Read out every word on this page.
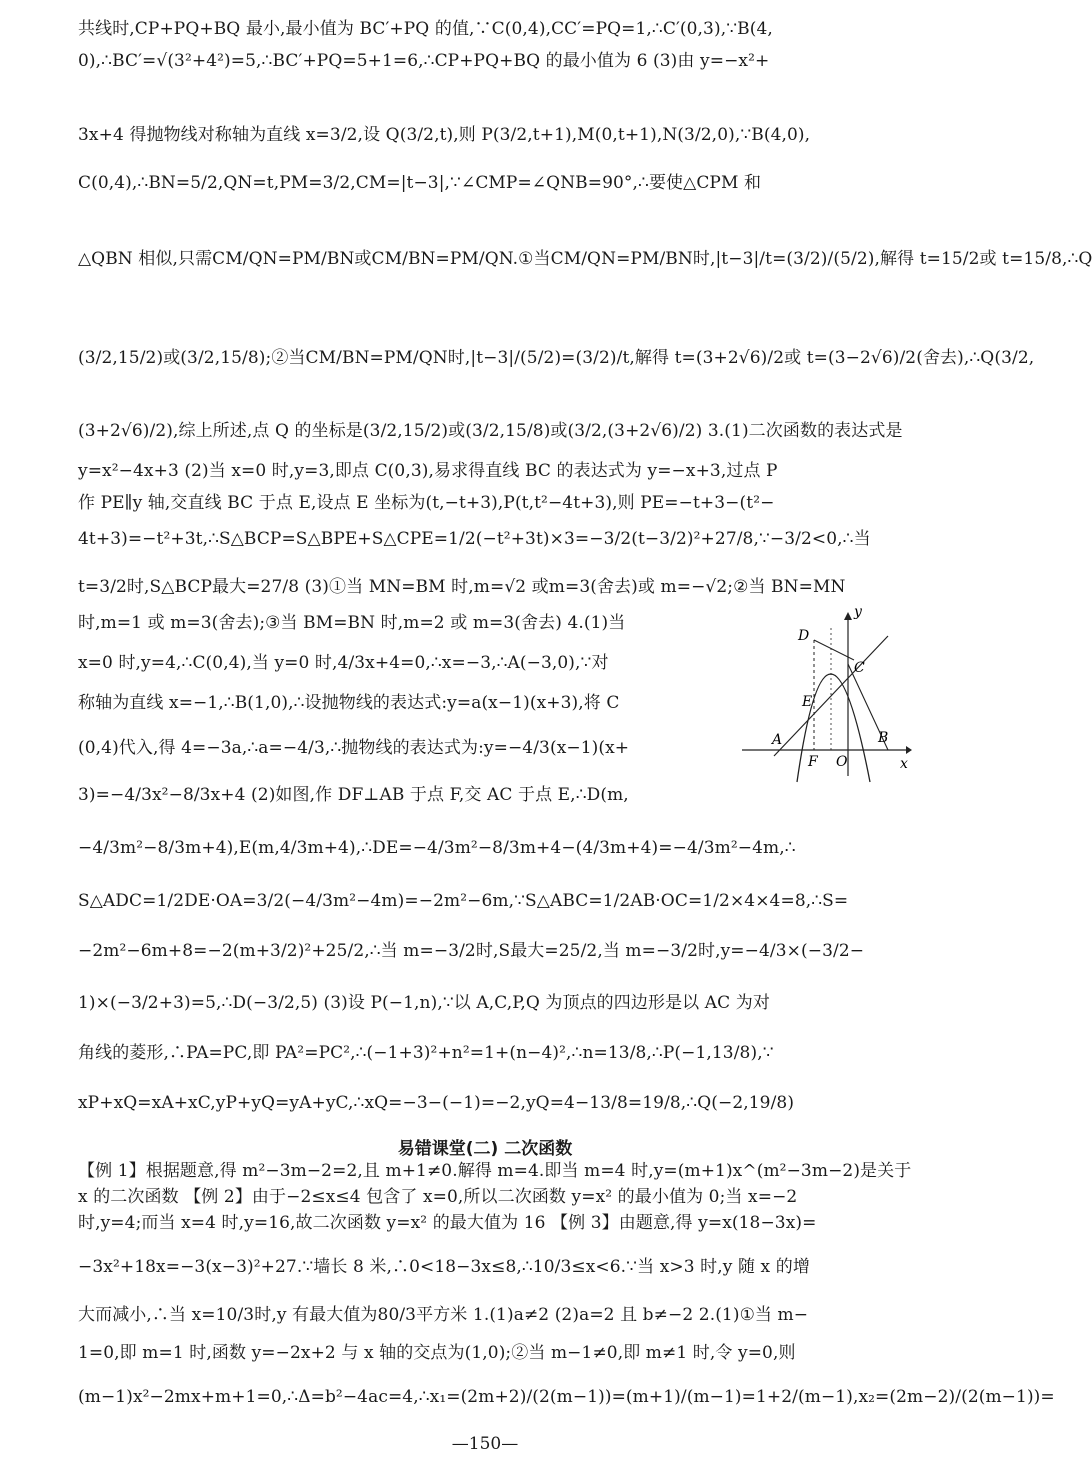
共线时,CP+PQ+BQ 最小,最小值为 BC′+PQ 的值,∵C(0,4),CC′=PQ=1,∴C′(0,3),∵B(4,
0),∴BC′=√(3²+4²)=5,∴BC′+PQ=5+1=6,∴CP+PQ+BQ 的最小值为 6 (3)由 y=−x²+
3x+4 得抛物线对称轴为直线 x=3/2,设 Q(3/2,t),则 P(3/2,t+1),M(0,t+1),N(3/2,0),∵B(4,0),
C(0,4),∴BN=5/2,QN=t,PM=3/2,CM=|t−3|,∵∠CMP=∠QNB=90°,∴要使△CPM 和
△QBN 相似,只需CM/QN=PM/BN或CM/BN=PM/QN.①当CM/QN=PM/BN时,|t−3|/t=(3/2)/(5/2),解得 t=15/2或 t=15/8,∴Q
(3/2,15/2)或(3/2,15/8);②当CM/BN=PM/QN时,|t−3|/(5/2)=(3/2)/t,解得 t=(3+2√6)/2或 t=(3−2√6)/2(舍去),∴Q(3/2,
(3+2√6)/2),综上所述,点 Q 的坐标是(3/2,15/2)或(3/2,15/8)或(3/2,(3+2√6)/2) 3.(1)二次函数的表达式是
y=x²−4x+3 (2)当 x=0 时,y=3,即点 C(0,3),易求得直线 BC 的表达式为 y=−x+3,过点 P
作 PE∥y 轴,交直线 BC 于点 E,设点 E 坐标为(t,−t+3),P(t,t²−4t+3),则 PE=−t+3−(t²−
4t+3)=−t²+3t,∴S△BCP=S△BPE+S△CPE=1/2(−t²+3t)×3=−3/2(t−3/2)²+27/8,∵−3/2<0,∴当
t=3/2时,S△BCP最大=27/8 (3)①当 MN=BM 时,m=√2 或m=3(舍去)或 m=−√2;②当 BN=MN
时,m=1 或 m=3(舍去);③当 BM=BN 时,m=2 或 m=3(舍去) 4.(1)当
x=0 时,y=4,∴C(0,4),当 y=0 时,4/3x+4=0,∴x=−3,∴A(−3,0),∵对
称轴为直线 x=−1,∴B(1,0),∴设抛物线的表达式:y=a(x−1)(x+3),将 C
(0,4)代入,得 4=−3a,∴a=−4/3,∴抛物线的表达式为:y=−4/3(x−1)(x+
3)=−4/3x²−8/3x+4 (2)如图,作 DF⊥AB 于点 F,交 AC 于点 E,∴D(m,
−4/3m²−8/3m+4),E(m,4/3m+4),∴DE=−4/3m²−8/3m+4−(4/3m+4)=−4/3m²−4m,∴
S△ADC=1/2DE·OA=3/2(−4/3m²−4m)=−2m²−6m,∵S△ABC=1/2AB·OC=1/2×4×4=8,∴S=
−2m²−6m+8=−2(m+3/2)²+25/2,∴当 m=−3/2时,S最大=25/2,当 m=−3/2时,y=−4/3×(−3/2−
1)×(−3/2+3)=5,∴D(−3/2,5) (3)设 P(−1,n),∵以 A,C,P,Q 为顶点的四边形是以 AC 为对
角线的菱形,∴PA=PC,即 PA²=PC²,∴(−1+3)²+n²=1+(n−4)²,∴n=13/8,∴P(−1,13/8),∵
xP+xQ=xA+xC,yP+yQ=yA+yC,∴xQ=−3−(−1)=−2,yQ=4−13/8=19/8,∴Q(−2,19/8)
易错课堂(二) 二次函数
【例 1】根据题意,得 m²−3m−2=2,且 m+1≠0.解得 m=4.即当 m=4 时,y=(m+1)x^(m²−3m−2)是关于
x 的二次函数 【例 2】由于−2≤x≤4 包含了 x=0,所以二次函数 y=x² 的最小值为 0;当 x=−2
时,y=4;而当 x=4 时,y=16,故二次函数 y=x² 的最大值为 16 【例 3】由题意,得 y=x(18−3x)=
−3x²+18x=−3(x−3)²+27.∵墙长 8 米,∴0<18−3x≤8,∴10/3≤x<6.∵当 x>3 时,y 随 x 的增
大而减小,∴当 x=10/3时,y 有最大值为80/3平方米 1.(1)a≠2 (2)a=2 且 b≠−2 2.(1)①当 m−
1=0,即 m=1 时,函数 y=−2x+2 与 x 轴的交点为(1,0);②当 m−1≠0,即 m≠1 时,令 y=0,则
(m−1)x²−2mx+m+1=0,∴Δ=b²−4ac=4,∴x₁=(2m+2)/(2(m−1))=(m+1)/(m−1)=1+2/(m−1),x₂=(2m−2)/(2(m−1))=
—150—
y
x
D
C
E
A
F O
B
